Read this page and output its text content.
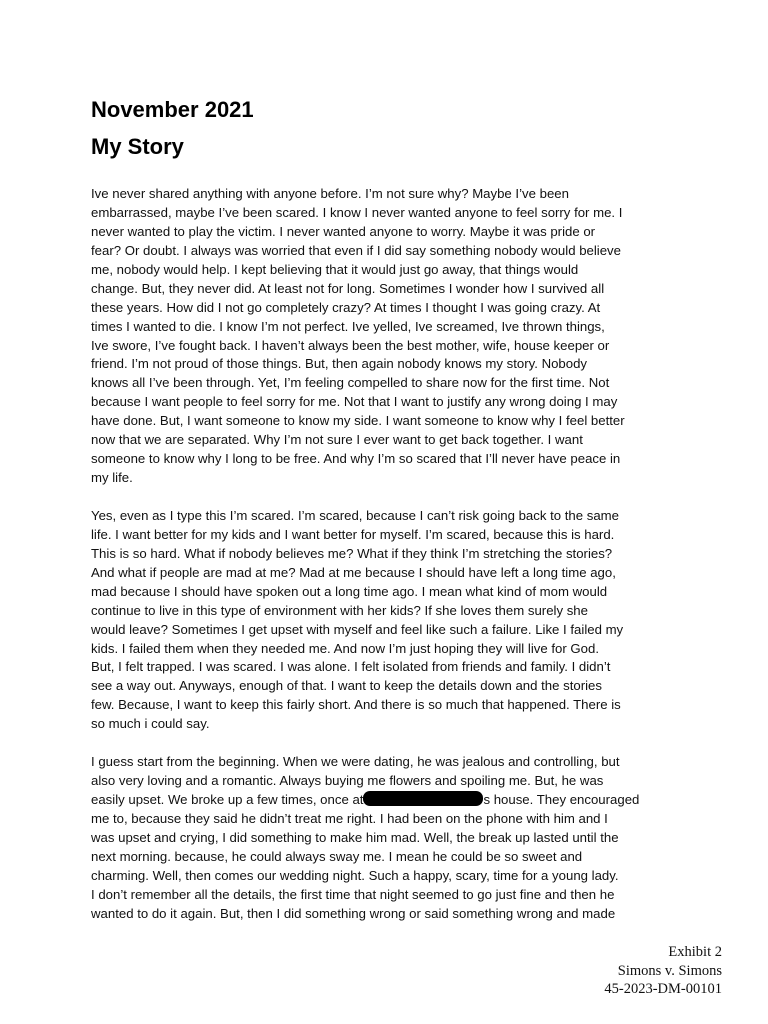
November 2021
My Story
Ive never shared anything with anyone before. I’m not sure why? Maybe I’ve been
embarrassed, maybe I’ve been scared. I know I never wanted anyone to feel sorry for me. I
never wanted to play the victim. I never wanted anyone to worry. Maybe it was pride or
fear? Or doubt. I always was worried that even if I did say something nobody would believe
me, nobody would help. I kept believing that it would just go away, that things would
change. But, they never did. At least not for long. Sometimes I wonder how I survived all
these years. How did I not go completely crazy? At times I thought I was going crazy. At
times I wanted to die. I know I’m not perfect. Ive yelled, Ive screamed, Ive thrown things,
Ive swore, I’ve fought back. I haven’t always been the best mother, wife, house keeper or
friend. I’m not proud of those things. But, then again nobody knows my story. Nobody
knows all I’ve been through. Yet, I’m feeling compelled to share now for the first time. Not
because I want people to feel sorry for me. Not that I want to justify any wrong doing I may
have done. But, I want someone to know my side. I want someone to know why I feel better
now that we are separated. Why I’m not sure I ever want to get back together. I want
someone to know why I long to be free. And why I’m so scared that I’ll never have peace in
my life.
Yes, even as I type this I’m scared. I’m scared, because I can’t risk going back to the same
life. I want better for my kids and I want better for myself. I’m scared, because this is hard.
This is so hard. What if nobody believes me? What if they think I’m stretching the stories?
And what if people are mad at me? Mad at me because I should have left a long time ago,
mad because I should have spoken out a long time ago. I mean what kind of mom would
continue to live in this type of environment with her kids? If she loves them surely she
would leave? Sometimes I get upset with myself and feel like such a failure. Like I failed my
kids. I failed them when they needed me. And now I’m just hoping they will live for God.
But, I felt trapped. I was scared. I was alone. I felt isolated from friends and family. I didn’t
see a way out. Anyways, enough of that. I want to keep the details down and the stories
few. Because, I want to keep this fairly short. And there is so much that happened. There is
so much i could say.
I guess start from the beginning. When we were dating, he was jealous and controlling, but
also very loving and a romantic. Always buying me flowers and spoiling me. But, he was
easily upset. We broke up a few times, once at	s house. They encouraged
me to, because they said he didn’t treat me right. I had been on the phone with him and I
was upset and crying, I did something to make him mad. Well, the break up lasted until the
next morning. because, he could always sway me. I mean he could be so sweet and
charming. Well, then comes our wedding night. Such a happy, scary, time for a young lady.
I don’t remember all the details, the first time that night seemed to go just fine and then he
wanted to do it again. But, then I did something wrong or said something wrong and made
Exhibit 2
Simons v. Simons
45-2023-DM-00101
